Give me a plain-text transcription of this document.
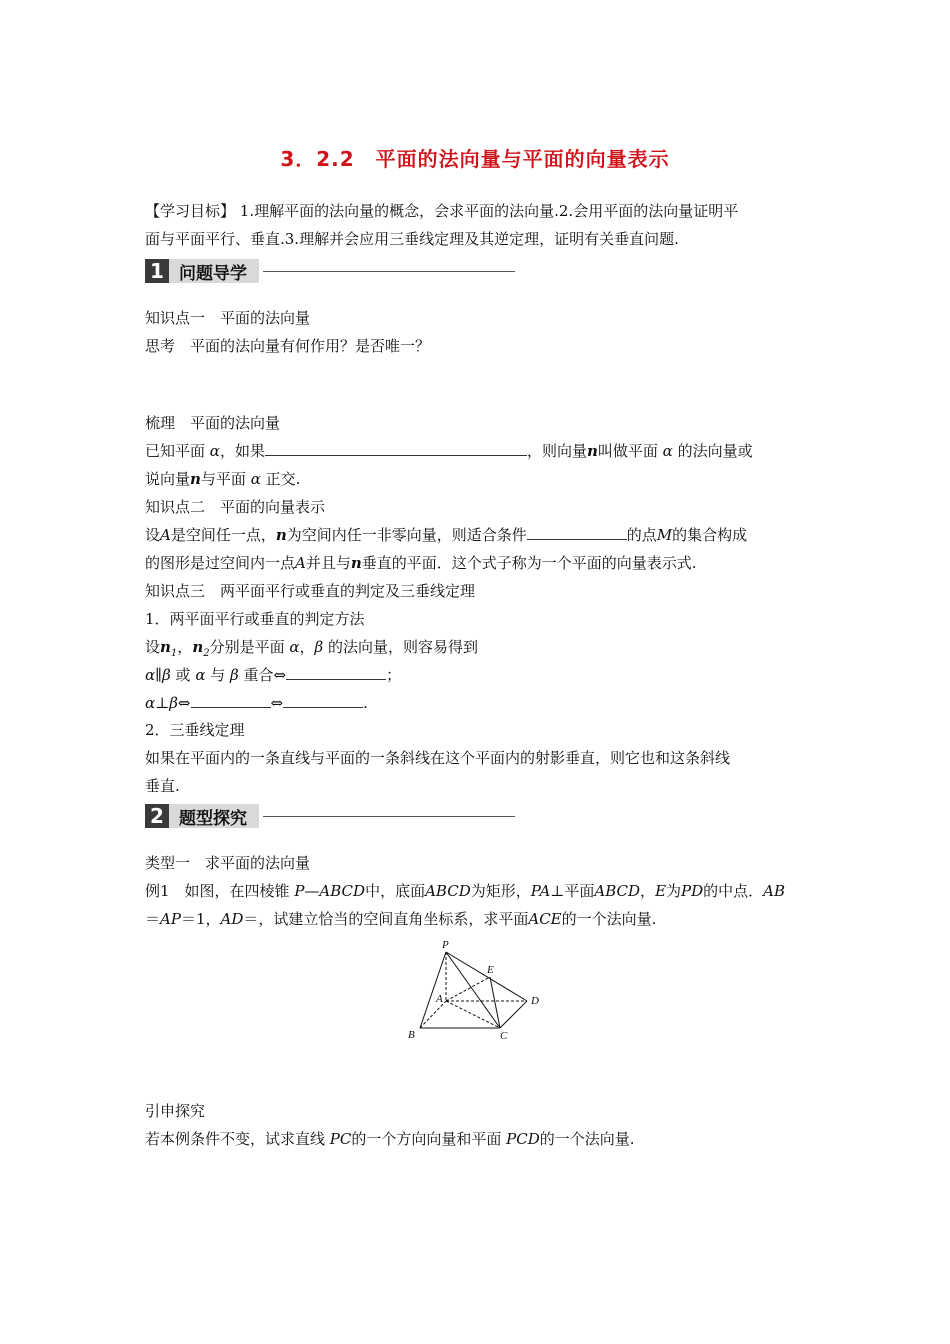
3．2.2　平面的法向量与平面的向量表示
【学习目标】 1.理解平面的法向量的概念，会求平面的法向量.2.会用平面的法向量证明平
面与平面平行、垂直.3.理解并会应用三垂线定理及其逆定理，证明有关垂直问题.
1 问题导学
知识点一　平面的法向量
思考　平面的法向量有何作用？是否唯一？
梳理　平面的法向量
已知平面 α，如果	，则向量n叫做平面 α 的法向量或
说向量n与平面 α 正交.
知识点二　平面的向量表示
设A是空间任一点，n为空间内任一非零向量，则适合条件	的点M的集合构成
的图形是过空间内一点A并且与n垂直的平面．这个式子称为一个平面的向量表示式.
知识点三　两平面平行或垂直的判定及三垂线定理
1．两平面平行或垂直的判定方法
设$n_1$，$n_2$分别是平面 α，β 的法向量，则容易得到
α∥β 或 α 与 β 重合⇔	；
α⊥β⇔	⇔	.
2．三垂线定理
如果在平面内的一条直线与平面的一条斜线在这个平面内的射影垂直，则它也和这条斜线
垂直.
2 题型探究
类型一　求平面的法向量
例1　如图，在四棱锥 P—ABCD中，底面ABCD为矩形，PA⊥平面ABCD，E为PD的中点．AB
＝AP＝1，AD＝，试建立恰当的空间直角坐标系，求平面ACE的一个法向量.
P
E
A	D
B	C
引申探究
若本例条件不变，试求直线 PC的一个方向向量和平面 PCD的一个法向量.
